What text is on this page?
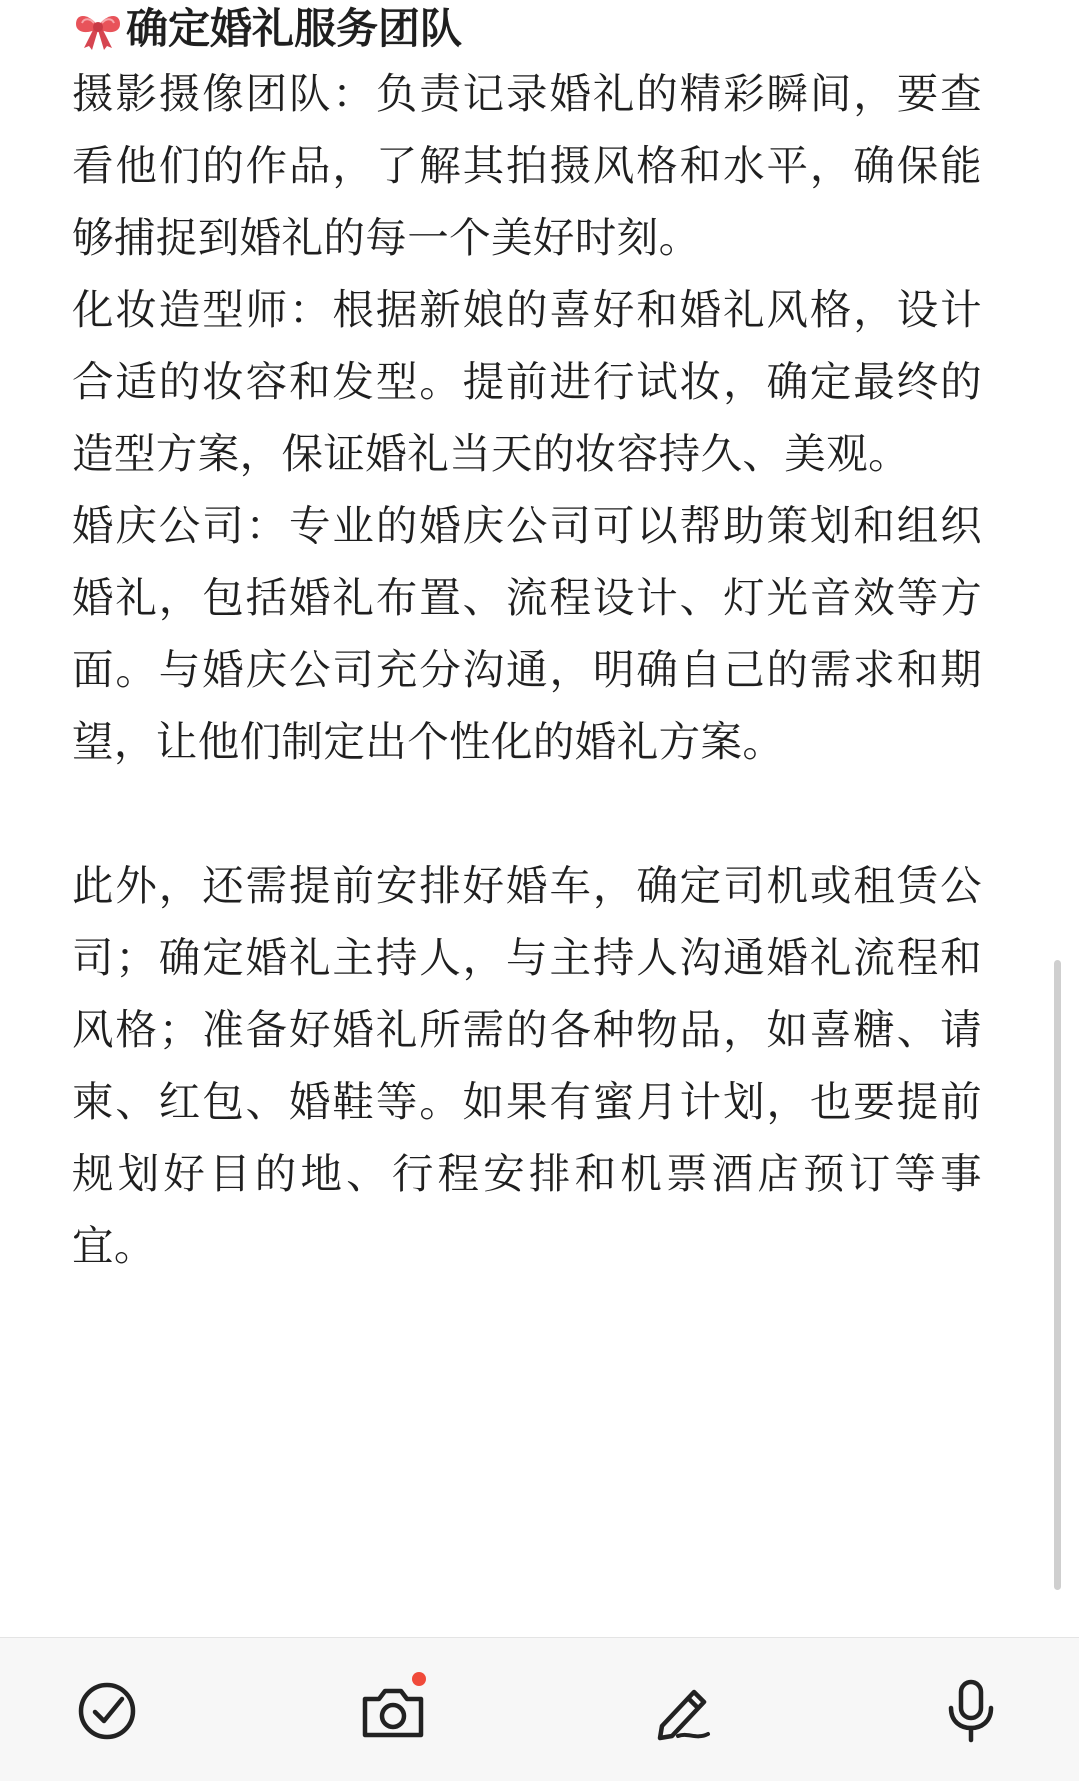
确定婚礼服务团队

摄影摄像团队：负责记录婚礼的精彩瞬间，要查看他们的作品，了解其拍摄风格和水平，确保能够捕捉到婚礼的每一个美好时刻。

化妆造型师：根据新娘的喜好和婚礼风格，设计合适的妆容和发型。提前进行试妆，确定最终的造型方案，保证婚礼当天的妆容持久、美观。

婚庆公司：专业的婚庆公司可以帮助策划和组织婚礼，包括婚礼布置、流程设计、灯光音效等方面。与婚庆公司充分沟通，明确自己的需求和期望，让他们制定出个性化的婚礼方案。

此外，还需提前安排好婚车，确定司机或租赁公司；确定婚礼主持人，与主持人沟通婚礼流程和风格；准备好婚礼所需的各种物品，如喜糖、请柬、红包、婚鞋等。如果有蜜月计划，也要提前规划好目的地、行程安排和机票酒店预订等事宜。
